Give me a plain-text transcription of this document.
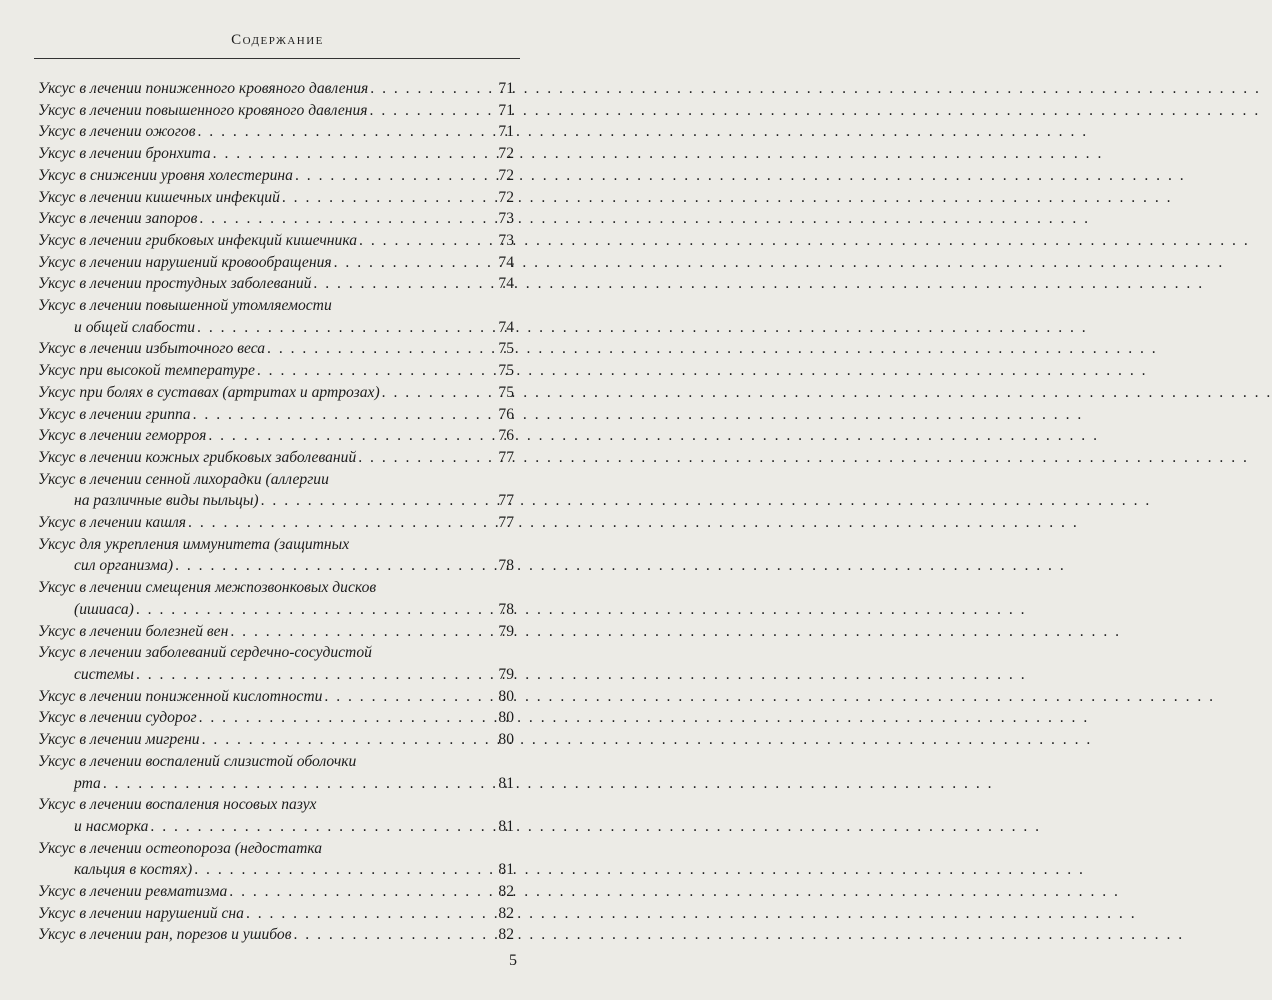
Содержание
Уксус в лечении пониженного кровяного давления . . .	71
Уксус в лечении повышенного кровяного давления . . .	71
Уксус в лечении ожогов . . .	71
Уксус в лечении бронхита . . .	72
Уксус в снижении уровня холестерина . . .	72
Уксус в лечении кишечных инфекций . . .	72
Уксус в лечении запоров . . .	73
Уксус в лечении грибковых инфекций кишечника . . .	73
Уксус в лечении нарушений кровообращения . . .	74
Уксус в лечении простудных заболеваний . . .	74
Уксус в лечении повышенной утомляемости
и общей слабости . . .	74
Уксус в лечении избыточного веса . . .	75
Уксус при высокой температуре . . .	75
Уксус при болях в суставах (артритах и артрозах) . . .	75
Уксус в лечении гриппа . . .	76
Уксус в лечении геморроя . . .	76
Уксус в лечении кожных грибковых заболеваний . . .	77
Уксус в лечении сенной лихорадки (аллергии
на различные виды пыльцы) . . .	77
Уксус в лечении кашля . . .	77
Уксус для укрепления иммунитета (защитных
сил организма) . . .	78
Уксус в лечении смещения межпозвонковых дисков
(ишиаса) . . .	78
Уксус в лечении болезней вен . . .	79
Уксус в лечении заболеваний сердечно-сосудистой
системы . . .	79
Уксус в лечении пониженной кислотности . . .	80
Уксус в лечении судорог . . .	80
Уксус в лечении мигрени . . .	80
Уксус в лечении воспалений слизистой оболочки
рта . . .	81
Уксус в лечении воспаления носовых пазух
и насморка . . .	81
Уксус в лечении остеопороза (недостатка
кальция в костях) . . .	81
Уксус в лечении ревматизма . . .	82
Уксус в лечении нарушений сна . . .	82
Уксус в лечении ран, порезов и ушибов . . .	82
5
